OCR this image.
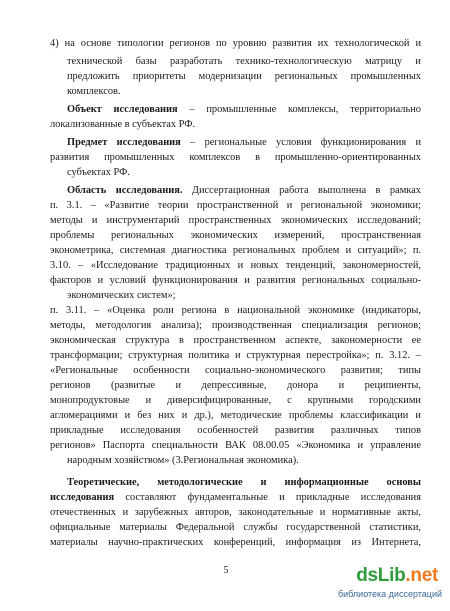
4) на основе типологии регионов по уровню развития их технологической и
технической базы разработать технико-технологическую матрицу и
предложить приоритеты модернизации региональных промышленных
комплексов.
Объект исследования – промышленные комплексы, территориально
локализованные в субъектах РФ.
Предмет исследования – региональные условия функционирования и
развития промышленных комплексов в промышленно-ориентированных
субъектах РФ.
Область исследования. Диссертационная работа выполнена в рамках
п. 3.1. – «Развитие теории пространственной и региональной экономики;
методы и инструментарий пространственных экономических исследований;
проблемы региональных экономических измерений, пространственная
эконометрика, системная диагностика региональных проблем и ситуаций»; п.
3.10. – «Исследование традиционных и новых тенденций, закономерностей,
факторов и условий функционирования и развития региональных социально-
экономических систем»;
п. 3.11. – «Оценка роли региона в национальной экономике (индикаторы,
методы, методология анализа); производственная специализация регионов;
экономическая структура в пространственном аспекте, закономерности ее
трансформации; структурная политика и структурная перестройка»; п. 3.12. –
«Региональные особенности социально-экономического развития; типы
регионов (развитые и депрессивные, донора и реципиенты,
монопродуктовые и диверсифицированные, с крупными городскими
агломерациями и без них и др.), методические проблемы классификации и
прикладные исследования особенностей развития различных типов
регионов» Паспорта специальности ВАК 08.00.05 «Экономика и управление
народным хозяйством» (3.Региональная экономика).
Теоретические, методологические и информационные основы
исследования составляют фундаментальные и прикладные исследования
отечественных и зарубежных авторов, законодательные и нормативные акты,
официальные материалы Федеральной службы государственной статистики,
материалы научно-практических конференций, информация из Интернета,
5	dsLib.net
библиотека диссертаций
